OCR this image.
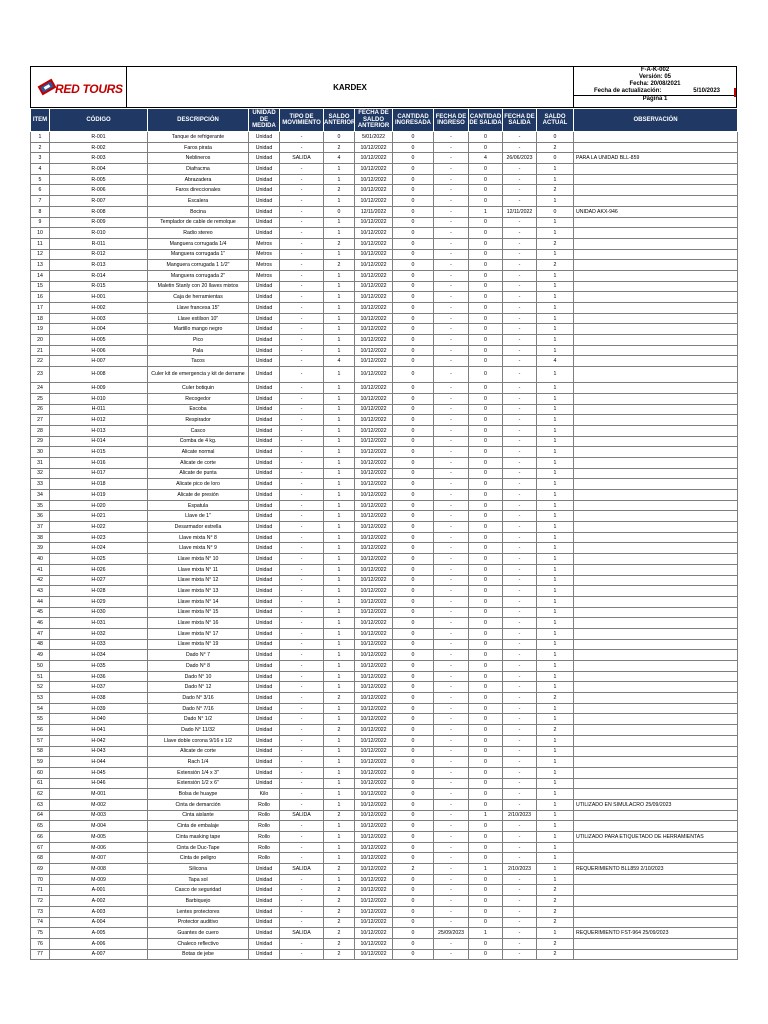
RED TOURS	KARDEX	
F-A-K-002
Versión: 05
Fecha: 20/08/2021
Fecha de actualización:	5/10/2023
Página 1
ITEM	CÓDIGO	DESCRIPCIÓN	UNIDAD DE MEDIDA	TIPO DE MOVIMIENTO	SALDO ANTERIOR	FECHA DE SALDO ANTERIOR	CANTIDAD INGRESADA	FECHA DE INGRESO	CANTIDAD DE SALIDA	FECHA DE SALIDA	SALDO ACTUAL	OBSERVACIÓN
1	R-001	Tanque de refrigerante	Unidad	-	0	5/01/2022	0	-	0	-	0	
2	R-002	Faros pirata	Unidad	-	2	10/12/2022	0	-	0	-	2	
3	R-003	Neblineros	Unidad	SALIDA	4	10/12/2022	0	-	4	26/06/2023	0	PARA LA UNIDAD BLL-859
4	R-004	Diafracma	Unidad	-	1	10/12/2022	0	-	0	-	1	
5	R-005	Abrazadera	Unidad	-	1	10/12/2022	0	-	0	-	1	
6	R-006	Faros direccionales	Unidad	-	2	10/12/2022	0	-	0	-	2	
7	R-007	Escalera	Unidad	-	1	10/12/2022	0	-	0	-	1	
8	R-008	Bocina	Unidad	-	0	12/11/2022	0	-	1	12/11/2022	0	UNIDAD AKX-946
9	R-009	Templador de cable de remolque	Unidad	-	1	10/12/2022	0	-	0	-	1	
10	R-010	Radio stereo	Unidad	-	1	10/12/2022	0	-	0	-	1	
11	R-011	Manguera corrugada 1/4	Metros	-	2	10/12/2022	0	-	0	-	2	
12	R-012	Manguera corrugada 1"	Metros	-	1	10/12/2022	0	-	0	-	1	
13	R-013	Manguera corrugada 1 1/2"	Metros	-	2	10/12/2022	0	-	0	-	2	
14	R-014	Manguera corrugada 2"	Metros	-	1	10/12/2022	0	-	0	-	1	
15	R-015	Maletin Stanly con 20 llaves mixtos	Unidad	-	1	10/12/2022	0	-	0	-	1	
16	H-001	Caja de herramientas	Unidad	-	1	10/12/2022	0	-	0	-	1	
17	H-002	Llave francesa 15"	Unidad	-	1	10/12/2022	0	-	0	-	1	
18	H-003	Llave estilson 10"	Unidad	-	1	10/12/2022	0	-	0	-	1	
19	H-004	Martillo mango negro	Unidad	-	1	10/12/2022	0	-	0	-	1	
20	H-005	Pico	Unidad	-	1	10/12/2022	0	-	0	-	1	
21	H-006	Pala	Unidad	-	1	10/12/2022	0	-	0	-	1	
22	H-007	Tacos	Unidad	-	4	10/12/2022	0	-	0	-	4	
23	H-008	Culer kit de emergencia y kit de derrame	Unidad	-	1	10/12/2022	0	-	0	-	1	
24	H-009	Culer botiquin	Unidad	-	1	10/12/2022	0	-	0	-	1	
25	H-010	Recogedor	Unidad	-	1	10/12/2022	0	-	0	-	1	
26	H-011	Escoba	Unidad	-	1	10/12/2022	0	-	0	-	1	
27	H-012	Respirador	Unidad	-	1	10/12/2022	0	-	0	-	1	
28	H-013	Casco	Unidad	-	1	10/12/2022	0	-	0	-	1	
29	H-014	Comba de 4 kg.	Unidad	-	1	10/12/2022	0	-	0	-	1	
30	H-015	Alicate normal	Unidad	-	1	10/12/2022	0	-	0	-	1	
31	H-016	Alicate de corte	Unidad	-	1	10/12/2022	0	-	0	-	1	
32	H-017	Alicate de punta	Unidad	-	1	10/12/2022	0	-	0	-	1	
33	H-018	Alicate pico de loro	Unidad	-	1	10/12/2022	0	-	0	-	1	
34	H-019	Alicate de presión	Unidad	-	1	10/12/2022	0	-	0	-	1	
35	H-020	Espatula	Unidad	-	1	10/12/2022	0	-	0	-	1	
36	H-021	Llave de 1"	Unidad	-	1	10/12/2022	0	-	0	-	1	
37	H-022	Desarmador estrella	Unidad	-	1	10/12/2022	0	-	0	-	1	
38	H-023	Llave mixta N° 8	Unidad	-	1	10/12/2022	0	-	0	-	1	
39	H-024	Llave mixta N° 9	Unidad	-	1	10/12/2022	0	-	0	-	1	
40	H-025	Llave mixta N° 10	Unidad	-	1	10/12/2022	0	-	0	-	1	
41	H-026	Llave mixta N° 11	Unidad	-	1	10/12/2022	0	-	0	-	1	
42	H-027	Llave mixta N° 12	Unidad	-	1	10/12/2022	0	-	0	-	1	
43	H-028	Llave mixta N° 13	Unidad	-	1	10/12/2022	0	-	0	-	1	
44	H-029	Llave mixta N° 14	Unidad	-	1	10/12/2022	0	-	0	-	1	
45	H-030	Llave mixta N° 15	Unidad	-	1	10/12/2022	0	-	0	-	1	
46	H-031	Llave mixta N° 16	Unidad	-	1	10/12/2022	0	-	0	-	1	
47	H-032	Llave mixta N° 17	Unidad	-	1	10/12/2022	0	-	0	-	1	
48	H-033	Llave mixta N° 19	Unidad	-	1	10/12/2022	0	-	0	-	1	
49	H-034	Dado N° 7	Unidad	-	1	10/12/2022	0	-	0	-	1	
50	H-035	Dado N° 8	Unidad	-	1	10/12/2022	0	-	0	-	1	
51	H-036	Dado N° 10	Unidad	-	1	10/12/2022	0	-	0	-	1	
52	H-037	Dado N° 12	Unidad	-	1	10/12/2022	0	-	0	-	1	
53	H-038	Dado N° 3/16	Unidad	-	2	10/12/2022	0	-	0	-	2	
54	H-039	Dado N° 7/16	Unidad	-	1	10/12/2022	0	-	0	-	1	
55	H-040	Dado N° 1/2	Unidad	-	1	10/12/2022	0	-	0	-	1	
56	H-041	Dado N° 11/32	Unidad	-	2	10/12/2022	0	-	0	-	2	
57	H-042	Llave doble corona 9/16 x 1/2	Unidad	-	1	10/12/2022	0	-	0	-	1	
58	H-043	Alicate de corte	Unidad	-	1	10/12/2022	0	-	0	-	1	
59	H-044	Rach 1/4	Unidad	-	1	10/12/2022	0	-	0	-	1	
60	H-045	Extensión 1/4 x 3"	Unidad	-	1	10/12/2022	0	-	0	-	1	
61	H-046	Extensión 1/2 x 6"	Unidad	-	1	10/12/2022	0	-	0	-	1	
62	M-001	Bolsa de huaype	Kilo	-	1	10/12/2022	0	-	0	-	1	
63	M-002	Cinta de demarción	Rollo	-	1	10/12/2022	0	-	0	-	1	UTILIZADO EN SIMULACRO 25/09/2023
64	M-003	Cinta aislante	Rollo	SALIDA	2	10/12/2022	0	-	1	2/10/2023	1	
65	M-004	Cinta de embalaje	Rollo	-	1	10/12/2022	0	-	0	-	1	
66	M-005	Cinta masking tape	Rollo	-	1	10/12/2022	0	-	0	-	1	UTILIZADO PARA ETIQUETADO DE HERRAMIENTAS
67	M-006	Cinta de Duc-Tape	Rollo	-	1	10/12/2022	0	-	0	-	1	
68	M-007	Cinta de peligro	Rollo	-	1	10/12/2022	0	-	0	-	1	
69	M-008	Silicona	Unidad	SALIDA	2	10/12/2022	2	-	1	2/10/2023	1	REQUERIMIENTO BLL859 2/10/2023
70	M-009	Tapa sol	Unidad	-	1	10/12/2022	0	-	0	-	1	
71	A-001	Casco de seguridad	Unidad	-	2	10/12/2022	0	-	0	-	2	
72	A-002	Barbiquejo	Unidad	-	2	10/12/2022	0	-	0	-	2	
73	A-003	Lentes protectores	Unidad	-	2	10/12/2022	0	-	0	-	2	
74	A-004	Protector auditivo	Unidad	-	2	10/12/2022	0	-	0	-	2	
75	A-005	Guantes de cuero	Unidad	SALIDA	2	10/12/2022	0	25/09/2023	1	-	1	REQUERIMIENTO FST-964 25/09/2023
76	A-006	Chaleco reflectivo	Unidad	-	2	10/12/2022	0	-	0	-	2	
77	A-007	Botas de jebe	Unidad	-	2	10/12/2022	0	-	0	-	2	
